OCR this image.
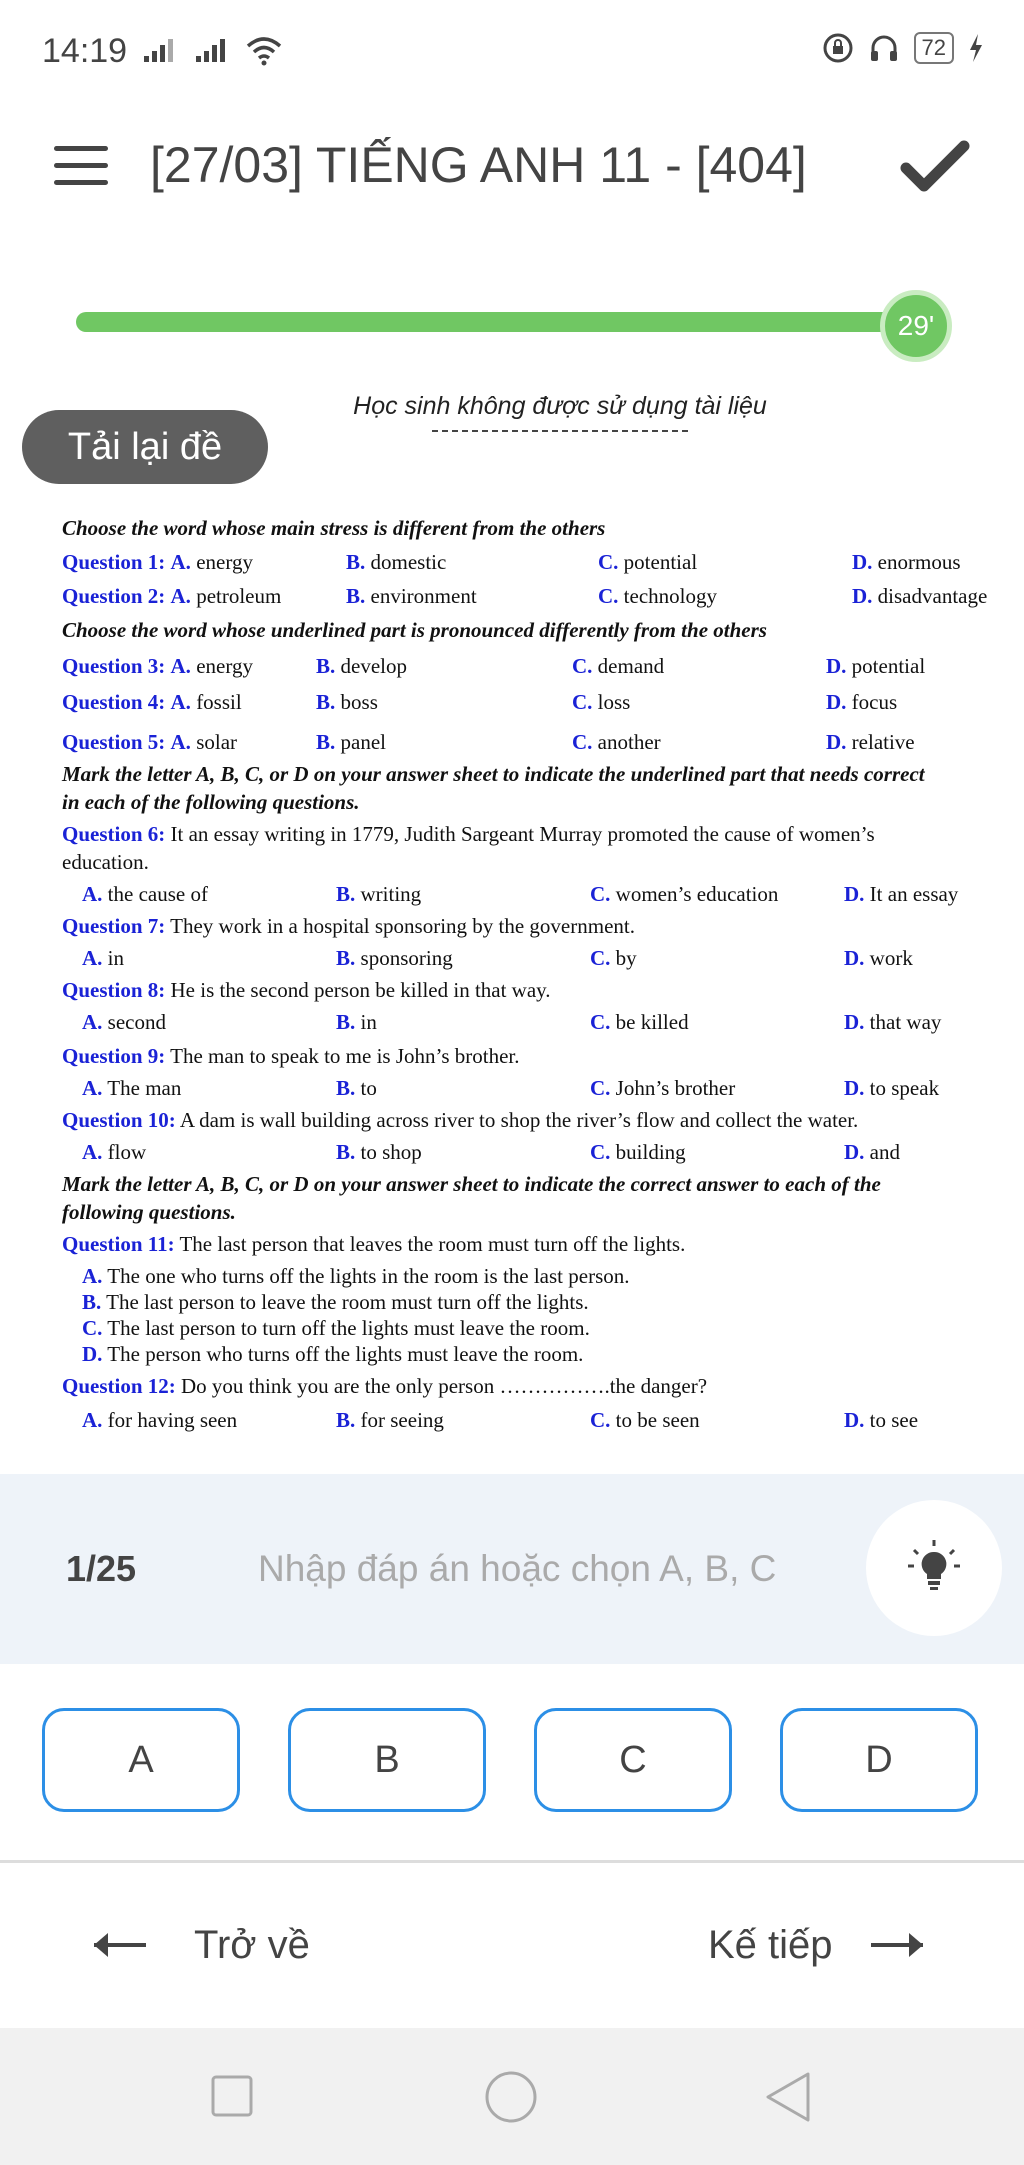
14:19	72
[27/03] TIẾNG ANH 11 - [404]
29'
Tải lại đề
Học sinh không được sử dụng tài liệu
Choose the word whose main stress is different from the others
Question 1: A. energy	B. domestic	C. potential	D. enormous
Question 2: A. petroleum	B. environment	C. technology	D. disadvantage
Choose the word whose underlined part is pronounced differently from the others
Question 3: A. energy	B. develop	C. demand	D. potential
Question 4: A. fossil	B. boss	C. loss	D. focus
Question 5: A. solar	B. panel	C. another	D. relative
Mark the letter A, B, C, or D on your answer sheet to indicate the underlined part that needs correct
in each of the following questions.
Question 6: It an essay writing in 1779, Judith Sargeant Murray promoted the cause of women’s
education.
A. the cause of	B. writing	C. women’s education	D. It an essay
Question 7: They work in a hospital sponsoring by the government.
A. in	B. sponsoring	C. by	D. work
Question 8: He is the second person be killed in that way.
A. second	B. in	C. be killed	D. that way
Question 9: The man to speak to me is John’s brother.
A. The man	B. to	C. John’s brother	D. to speak
Question 10: A dam is wall building across river to shop the river’s flow and collect the water.
A. flow	B. to shop	C. building	D. and
Mark the letter A, B, C, or D on your answer sheet to indicate the correct answer to each of the
following questions.
Question 11: The last person that leaves the room must turn off the lights.
A. The one who turns off the lights in the room is the last person.
B. The last person to leave the room must turn off the lights.
C. The last person to turn off the lights must leave the room.
D. The person who turns off the lights must leave the room.
Question 12: Do you think you are the only person …………….the danger?
A. for having seen	B. for seeing	C. to be seen	D. to see
1/25
Nhập đáp án hoặc chọn A, B, C
A	B	C	D
Trở về	Kế tiếp
